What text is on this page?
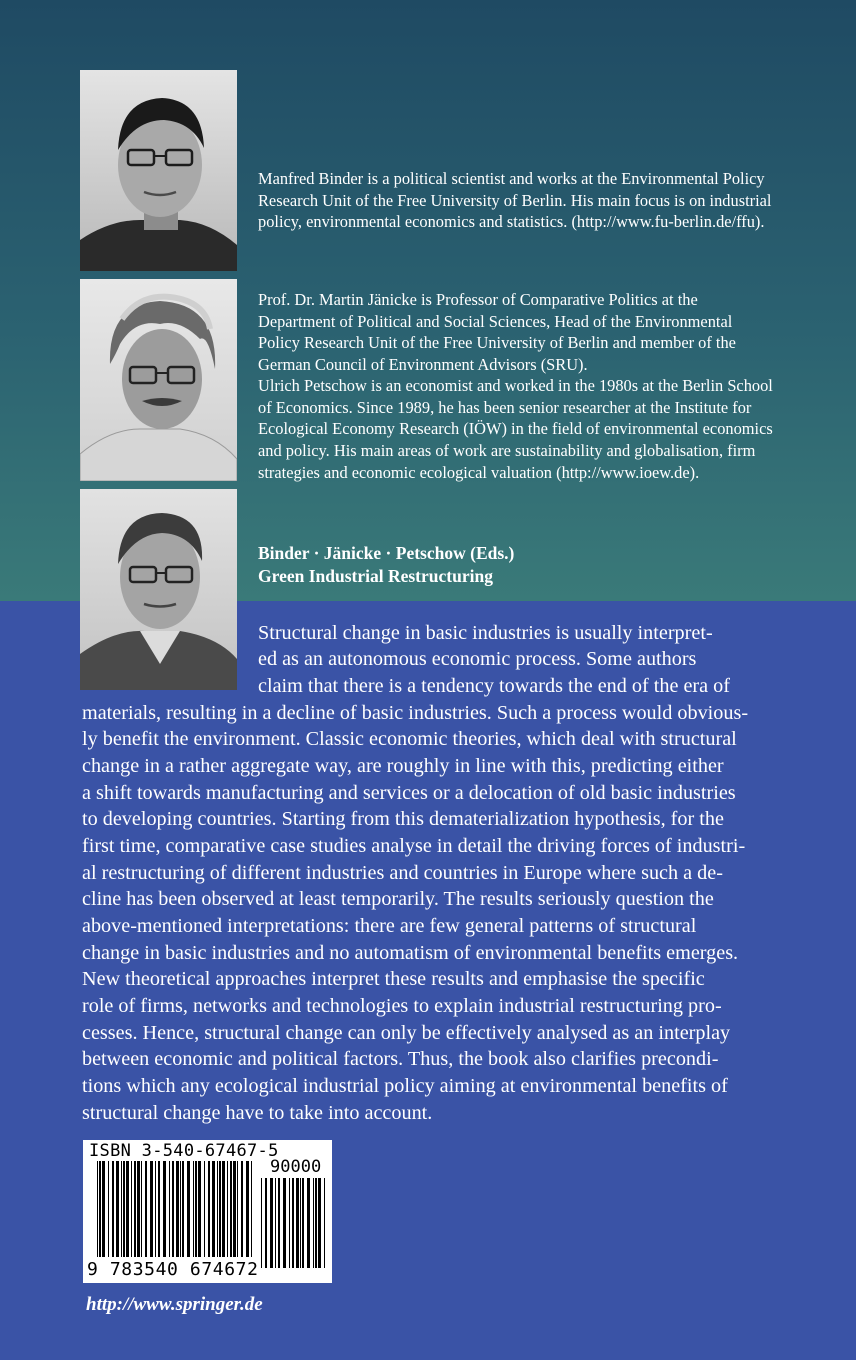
Manfred Binder is a political scientist and works at the Environmental Policy Research Unit of the Free University of Berlin. His main focus is on industrial policy, environmental economics and statistics. (http://www.fu-berlin.de/ffu).

Prof. Dr. Martin Jänicke is Professor of Comparative Politics at the Department of Political and Social Sciences, Head of the Environmental Policy Research Unit of the Free University of Berlin and member of the German Council of Environment Advisors (SRU).

Ulrich Petschow is an economist and worked in the 1980s at the Berlin School of Economics. Since 1989, he has been senior researcher at the Institute for Ecological Economy Research (IÖW) in the field of environmental economics and policy. His main areas of work are sustainability and globalisation, firm strategies and economic ecological valuation (http://www.ioew.de).

Binder · Jänicke · Petschow (Eds.)
Green Industrial Restructuring

Structural change in basic industries is usually interpret-

ed as an autonomous economic process. Some authors

claim that there is a tendency towards the end of the era of

materials, resulting in a decline of basic industries. Such a process would obvious-

ly benefit the environment. Classic economic theories, which deal with structural

change in a rather aggregate way, are roughly in line with this, predicting either

a shift towards manufacturing and services or a delocation of old basic industries

to developing countries. Starting from this dematerialization hypothesis, for the

first time, comparative case studies analyse in detail the driving forces of industri-

al restructuring of different industries and countries in Europe where such a de-

cline has been observed at least temporarily. The results seriously question the

above-mentioned interpretations: there are few general patterns of structural

change in basic industries and no automatism of environmental benefits emerges.

New theoretical approaches interpret these results and emphasise the specific

role of firms, networks and technologies to explain industrial restructuring pro-

cesses. Hence, structural change can only be effectively analysed as an interplay

between economic and political factors. Thus, the book also clarifies precondi-

tions which any ecological industrial policy aiming at environmental benefits of

structural change have to take into account.

ISBN 3-540-67467-5
90000
9 783540 674672
http://www.springer.de
